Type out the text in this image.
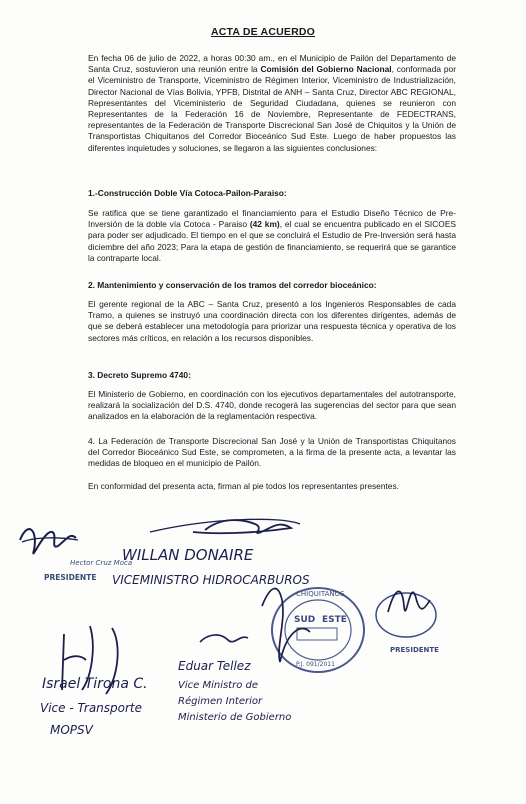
ACTA DE ACUERDO
En fecha 06 de julio de 2022, a horas 00:30 am., en el Municipio de Pailón del Departamento de Santa Cruz, sostuvieron una reunión entre la Comisión del Gobierno Nacional, conformada por el Viceministro de Transporte, Viceministro de Régimen Interior, Viceministro de Industrialización, Director Nacional de Vías Bolivia, YPFB, Distrital de ANH – Santa Cruz, Director ABC REGIONAL, Representantes del Viceministerio de Seguridad Ciudadana, quienes se reunieron con Representantes de la Federación 16 de Noviembre, Representante de FEDECTRANS, representantes de la Federación de Transporte Discrecional San José de Chiquitos y la Unión de Transportistas Chiquitanos del Corredor Bioceánico Sud Este. Luego de haber propuestos las diferentes inquietudes y soluciones, se llegaron a las siguientes conclusiones:
1.-Construcción Doble Vía Cotoca-Pailon-Paraiso:
Se ratifica que se tiene garantizado el financiamiento para el Estudio Diseño Técnico de Pre-Inversión de la doble vía Cotoca - Paraiso (42 km), el cual se encuentra publicado en el SICOES para poder ser adjudicado. El tiempo en el que se concluirá el Estudio de Pre-Inversión será hasta diciembre del año 2023; Para la etapa de gestión de financiamiento, se requerirá que se garantice la contraparte local.
2. Mantenimiento y conservación de los tramos del corredor bioceánico:
El gerente regional de la ABC – Santa Cruz, presentó a los Ingenieros Responsables de cada Tramo, a quienes se instruyó una coordinación directa con los diferentes dirigentes, además de que se deberá establecer una metodología para priorizar una respuesta técnica y operativa de los sectores más críticos, en relación a los recursos disponibles.
3. Decreto Supremo 4740:
El Ministerio de Gobierno, en coordinación con los ejecutivos departamentales del autotransporte, realizará la socialización del D.S. 4740, donde recogerá las sugerencias del sector para que sean analizados en la elaboración de la reglamentación respectiva.
4. La Federación de Transporte Discrecional San José y la Unión de Transportistas Chiquitanos del Corredor Bioceánico Sud Este, se comprometen, a la firma de la presente acta, a levantar las medidas de bloqueo en el municipio de Pailón.
En conformidad del presenta acta, firman al pie todos los representantes presentes.
Hector Cruz Moca
PRESIDENTE
WILLAN DONAIRE
VICEMINISTRO HIDROCARBUROS
CHIQUITANOS
SUD ESTE
P.J. 091/2011
PRESIDENTE
Israel Tirona C.
Vice - Transporte
MOPSV
Eduar Tellez
Vice Ministro de
Régimen Interior
Ministerio de Gobierno
